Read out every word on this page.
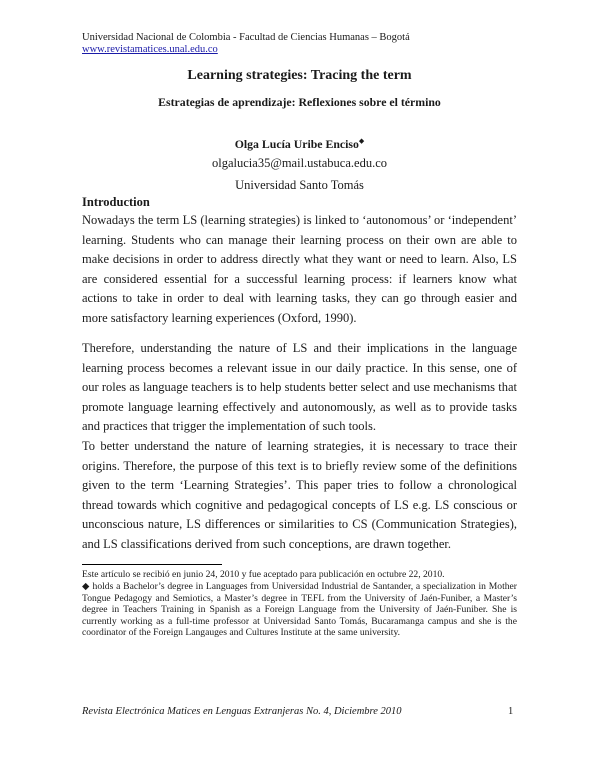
Universidad Nacional de Colombia - Facultad de Ciencias Humanas – Bogotá
www.revistamatices.unal.edu.co
Learning strategies: Tracing the term
Estrategias de aprendizaje: Reflexiones sobre el término
Olga Lucía Uribe Enciso◆
olgalucia35@mail.ustabuca.edu.co
Universidad Santo Tomás
Introduction

Nowadays the term LS (learning strategies) is linked to ‘autonomous’ or ‘independent’ learning. Students who can manage their learning process on their own are able to make decisions in order to address directly what they want or need to learn. Also, LS are considered essential for a successful learning process: if learners know what actions to take in order to deal with learning tasks, they can go through easier and more satisfactory learning experiences (Oxford, 1990).

Therefore, understanding the nature of LS and their implications in the language learning process becomes a relevant issue in our daily practice. In this sense, one of our roles as language teachers is to help students better select and use mechanisms that promote language learning effectively and autonomously, as well as to provide tasks and practices that trigger the implementation of such tools.

To better understand the nature of learning strategies, it is necessary to trace their origins. Therefore, the purpose of this text is to briefly review some of the definitions given to the term ‘Learning Strategies’. This paper tries to follow a chronological thread towards which cognitive and pedagogical concepts of LS e.g. LS conscious or unconscious nature, LS differences or similarities to CS (Communication Strategies), and LS classifications derived from such conceptions, are drawn together.

Este artículo se recibió en junio 24, 2010 y fue aceptado para publicación en octubre 22, 2010.

◆ holds a Bachelor’s degree in Languages from Universidad Industrial de Santander, a specialization in Mother Tongue Pedagogy and Semiotics, a Master’s degree in TEFL from the University of Jaén-Funiber, a Master’s degree in Teachers Training in Spanish as a Foreign Language from the University of Jaén-Funiber. She is currently working as a full-time professor at Universidad Santo Tomás, Bucaramanga campus and she is the coordinator of the Foreign Langauges and Cultures Institute at the same university.

Revista Electrónica Matices en Lenguas Extranjeras No. 4, Diciembre 2010	1
